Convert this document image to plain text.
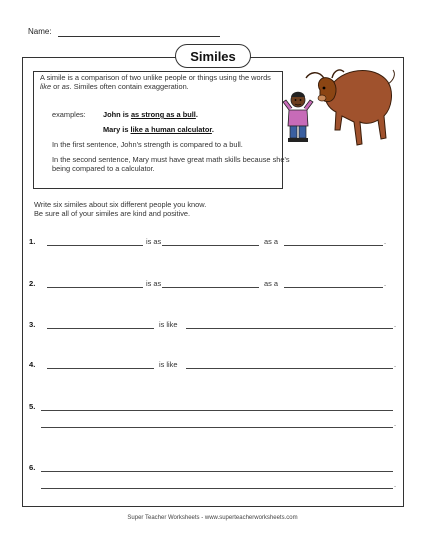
Name:
Similes
A simile is a comparison of two unlike people or things using the words like or as. Similes often contain exaggeration.
examples: John is as strong as a bull.
Mary is like a human calculator.
In the first sentence, John's strength is compared to a bull.
In the second sentence, Mary must have great math skills because she's being compared to a calculator.
Write six similes about six different people you know.
Be sure all of your similes are kind and positive.
1.	is as	as a	.
2.	is as	as a	.
3.	is like	.
4.	is like	.
5.
.
6.
.
Super Teacher Worksheets - www.superteacherworksheets.com
